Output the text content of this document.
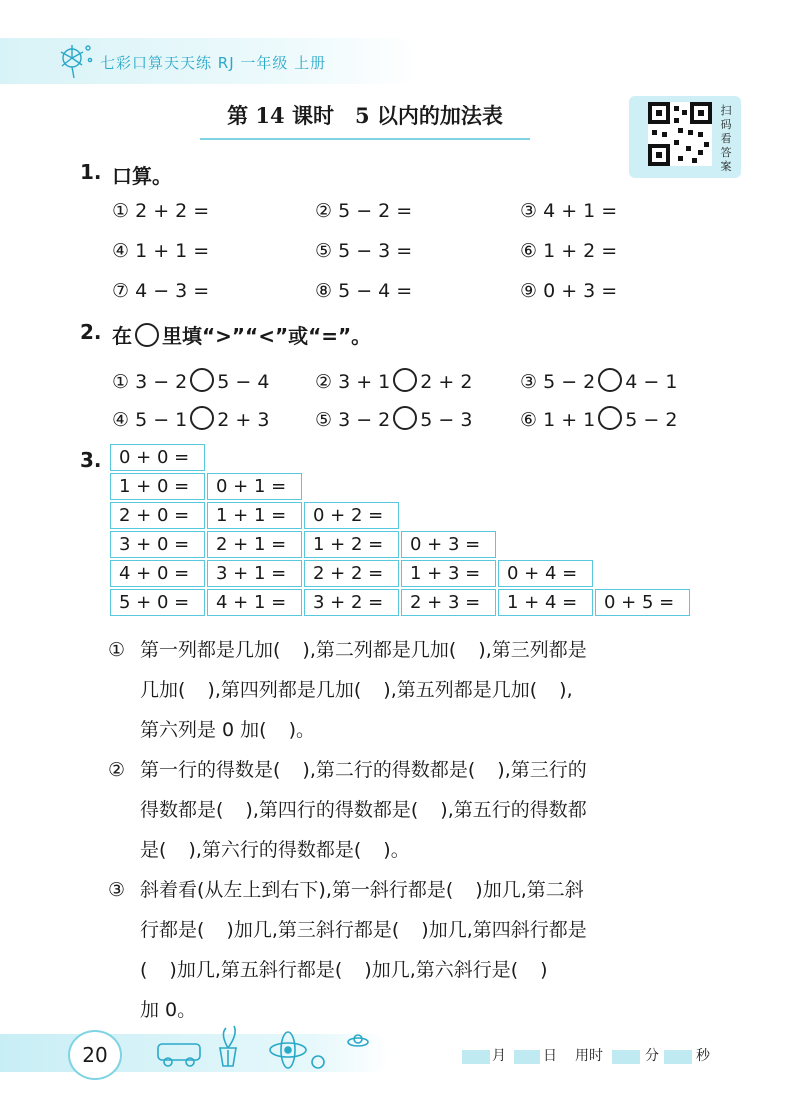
七彩口算天天练 RJ 一年级 上册
第 14 课时　5 以内的加法表	扫码看答案
1. 口算。
① 2 + 2 =	② 5 − 2 =	③ 4 + 1 =
④ 1 + 1 =	⑤ 5 − 3 =	⑥ 1 + 2 =
⑦ 4 − 3 =	⑧ 5 − 4 =	⑨ 0 + 3 =
2. 在 里填“>”“<”或“=”。
① 3 − 2 5 − 4 ② 3 + 1 2 + 2	③ 5 − 2 4 − 1
④ 5 − 1 2 + 3 ⑤ 3 − 2 5 − 3	⑥ 1 + 1 5 − 2
3. 0 + 0 =
1 + 0 =	0 + 1 =
2 + 0 =	1 + 1 =	0 + 2 =
3 + 0 =	2 + 1 =	1 + 2 =	0 + 3 =
4 + 0 =	3 + 1 =	2 + 2 =	1 + 3 =	0 + 4 =
5 + 0 =	4 + 1 =	3 + 2 =	2 + 3 =	1 + 4 =	0 + 5 =
① 第一列都是几加( ),第二列都是几加( ),第三列都是
几加( ),第四列都是几加( ),第五列都是几加( ),
第六列是 0 加( )。
② 第一行的得数是( ),第二行的得数都是( ),第三行的
得数都是( ),第四行的得数都是( ),第五行的得数都
是( ),第六行的得数都是( )。
③ 斜着看(从左上到右下),第一斜行都是( )加几,第二斜
行都是( )加几,第三斜行都是( )加几,第四斜行都是
( )加几,第五斜行都是( )加几,第六斜行是( )
加 0。
20	月	日 用时	分	秒
